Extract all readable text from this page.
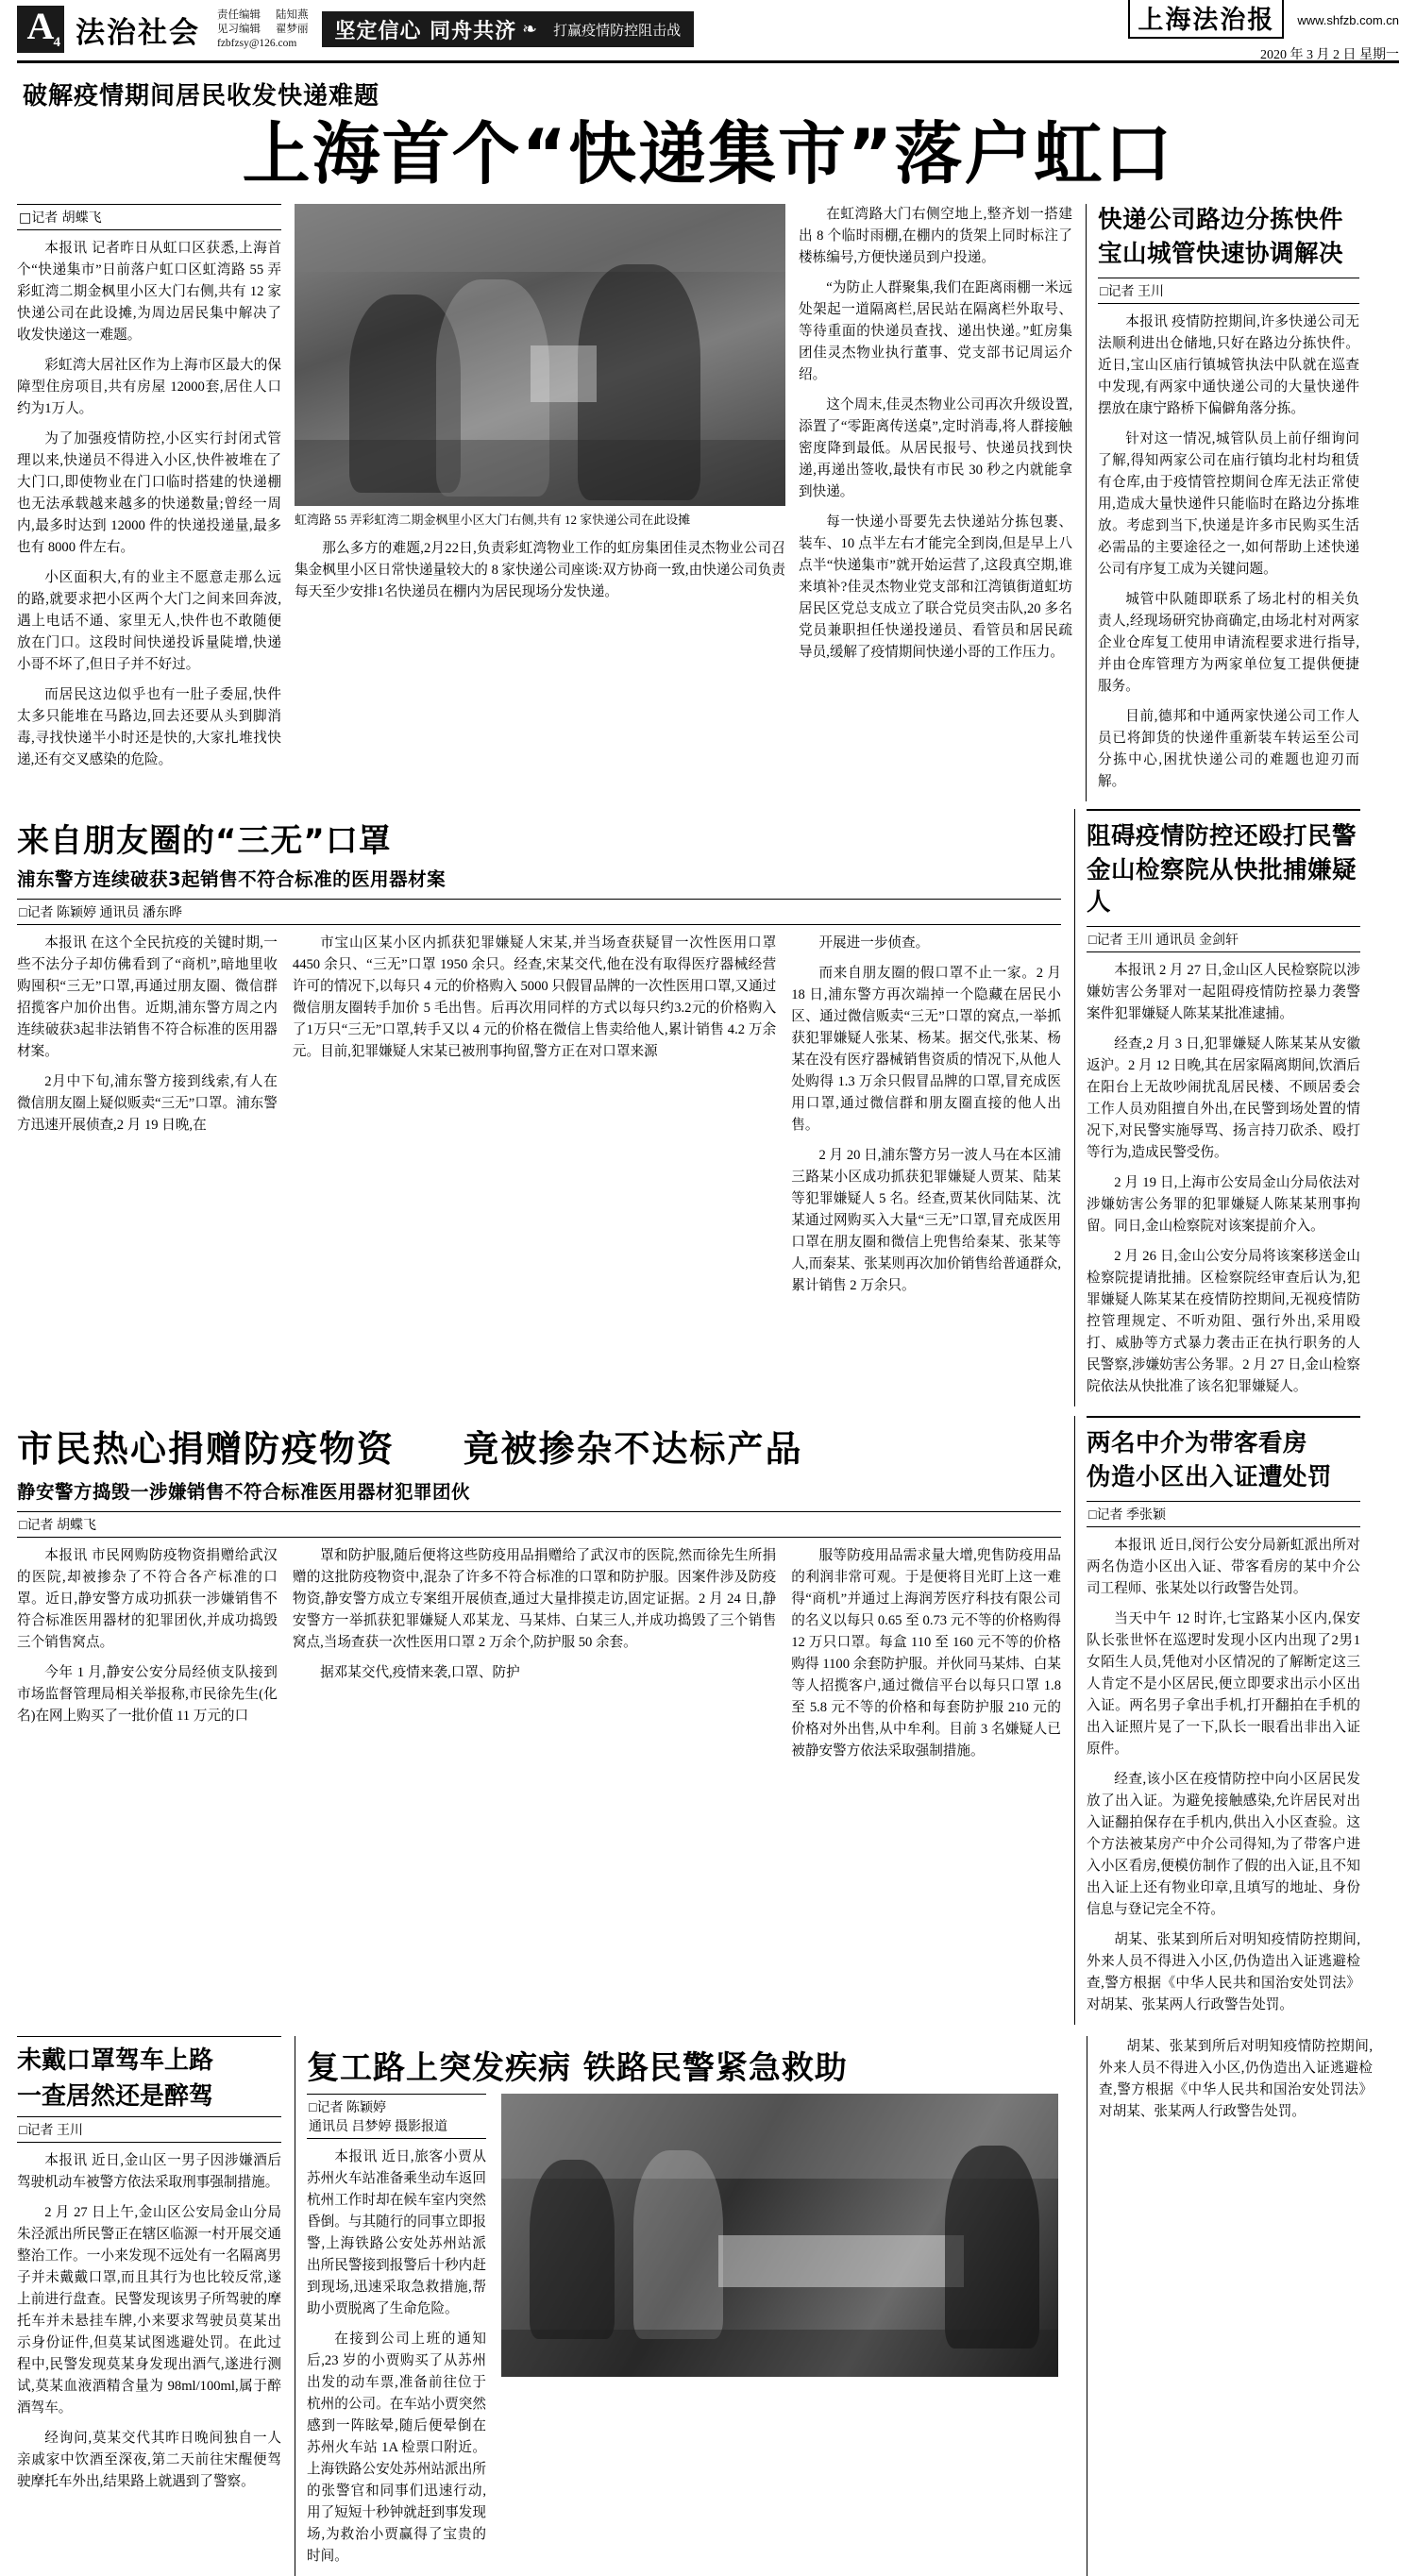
A 4 法治社会
责任编辑 陆知燕
见习编辑 翟梦丽
fzbfzsy@126.com	坚定信心 同舟共济 ❧ 打赢疫情防控阻击战	上海法治报 $^{www.shfzb.com.cn}$
2020 年 3 月 2 日 星期一
破解疫情期间居民收发快递难题
上海首个“快递集市”落户虹口
□记者 胡蝶飞

本报讯 记者昨日从虹口区获悉,上海首个“快递集市”日前落户虹口区虹湾路 55 弄彩虹湾二期金枫里小区大门右侧,共有 12 家快递公司在此设摊,为周边居民集中解决了收发快递这一难题。

彩虹湾大居社区作为上海市区最大的保障型住房项目,共有房屋 12000套,居住人口约为1万人。

为了加强疫情防控,小区实行封闭式管理以来,快递员不得进入小区,快件被堆在了大门口,即使物业在门口临时搭建的快递棚也无法承载越来越多的快递数量;曾经一周内,最多时达到 12000 件的快递投递量,最多也有 8000 件左右。

小区面积大,有的业主不愿意走那么远的路,就要求把小区两个大门之间来回奔波,遇上电话不通、家里无人,快件也不敢随便放在门口。这段时间快递投诉量陡增,快递小哥不坏了,但日子并不好过。

而居民这边似乎也有一肚子委屈,快件太多只能堆在马路边,回去还要从头到脚消毒,寻找快递半小时还是快的,大家扎堆找快递,还有交叉感染的危险。

虹湾路 55 弄彩虹湾二期金枫里小区大门右侧,共有 12 家快递公司在此设摊

那么多方的难题,2月22日,负责彩虹湾物业工作的虹房集团佳灵杰物业公司召集金枫里小区日常快递量较大的 8 家快递公司座谈:双方协商一致,由快递公司负责每天至少安排1名快递员在棚内为居民现场分发快递。

在虹湾路大门右侧空地上,整齐划一搭建出 8 个临时雨棚,在棚内的货架上同时标注了楼栋编号,方便快递员到户投递。

“为防止人群聚集,我们在距离雨棚一米远处架起一道隔离栏,居民站在隔离栏外取号、等待重面的快递员查找、递出快递。”虹房集团佳灵杰物业执行董事、党支部书记周运介绍。

这个周末,佳灵杰物业公司再次升级设置,添置了“零距离传送桌”,定时消毒,将人群接触密度降到最低。从居民报号、快递员找到快递,再递出签收,最快有市民 30 秒之内就能拿到快递。

每一快递小哥要先去快递站分拣包裹、装车、10 点半左右才能完全到岗,但是早上八点半“快递集市”就开始运营了,这段真空期,谁来填补?佳灵杰物业党支部和江湾镇街道虹坊居民区党总支成立了联合党员突击队,20 多名党员兼职担任快递投递员、看管员和居民疏导员,缓解了疫情期间快递小哥的工作压力。

快递公司路边分拣快件
宝山城管快速协调解决
□记者 王川

本报讯 疫情防控期间,许多快递公司无法顺利进出仓储地,只好在路边分拣快件。近日,宝山区庙行镇城管执法中队就在巡查中发现,有两家中通快递公司的大量快递件摆放在康宁路桥下偏僻角落分拣。

针对这一情况,城管队员上前仔细询问了解,得知两家公司在庙行镇均北村均租赁有仓库,由于疫情管控期间仓库无法正常使用,造成大量快递件只能临时在路边分拣堆放。考虑到当下,快递是许多市民购买生活必需品的主要途径之一,如何帮助上述快递公司有序复工成为关键问题。

城管中队随即联系了场北村的相关负责人,经现场研究协商确定,由场北村对两家企业仓库复工使用申请流程要求进行指导,并由仓库管理方为两家单位复工提供便捷服务。

目前,德邦和中通两家快递公司工作人员已将卸货的快递件重新装车转运至公司分拣中心,困扰快递公司的难题也迎刃而解。

来自朋友圈的“三无”口罩
浦东警方连续破获3起销售不符合标准的医用器材案
□记者 陈颖婷 通讯员 潘东晔

本报讯 在这个全民抗疫的关键时期,一些不法分子却仿佛看到了“商机”,暗地里收购囤积“三无”口罩,再通过朋友圈、微信群招揽客户加价出售。近期,浦东警方周之内连续破获3起非法销售不符合标准的医用器材案。

2月中下旬,浦东警方接到线索,有人在微信朋友圈上疑似贩卖“三无”口罩。浦东警方迅速开展侦查,2 月 19 日晚,在

市宝山区某小区内抓获犯罪嫌疑人宋某,并当场查获疑冒一次性医用口罩 4450 余只、“三无”口罩 1950 余只。经查,宋某交代,他在没有取得医疗器械经营许可的情况下,以每只 4 元的价格购入 5000 只假冒品牌的一次性医用口罩,又通过微信朋友圈转手加价 5 毛出售。后再次用同样的方式以每只约3.2元的价格购入了1万只“三无”口罩,转手又以 4 元的价格在微信上售卖给他人,累计销售 4.2 万余元。目前,犯罪嫌疑人宋某已被刑事拘留,警方正在对口罩来源

开展进一步侦查。

而来自朋友圈的假口罩不止一家。2 月 18 日,浦东警方再次端掉一个隐藏在居民小区、通过微信贩卖“三无”口罩的窝点,一举抓获犯罪嫌疑人张某、杨某。据交代,张某、杨某在没有医疗器械销售资质的情况下,从他人处购得 1.3 万余只假冒品牌的口罩,冒充成医用口罩,通过微信群和朋友圈直接的他人出售。

2 月 20 日,浦东警方另一波人马在本区浦三路某小区成功抓获犯罪嫌疑人贾某、陆某等犯罪嫌疑人 5 名。经查,贾某伙同陆某、沈某通过网购买入大量“三无”口罩,冒充成医用口罩在朋友圈和微信上兜售给秦某、张某等人,而秦某、张某则再次加价销售给普通群众,累计销售 2 万余只。

阻碍疫情防控还殴打民警
金山检察院从快批捕嫌疑人
□记者 王川 通讯员 金剑轩

本报讯 2 月 27 日,金山区人民检察院以涉嫌妨害公务罪对一起阻碍疫情防控暴力袭警案件犯罪嫌疑人陈某某批准逮捕。

经查,2 月 3 日,犯罪嫌疑人陈某某从安徽返沪。2 月 12 日晚,其在居家隔离期间,饮酒后在阳台上无故吵闹扰乱居民楼、不顾居委会工作人员劝阻擅自外出,在民警到场处置的情况下,对民警实施辱骂、扬言持刀砍杀、殴打等行为,造成民警受伤。

2 月 19 日,上海市公安局金山分局依法对涉嫌妨害公务罪的犯罪嫌疑人陈某某刑事拘留。同日,金山检察院对该案提前介入。

2 月 26 日,金山公安分局将该案移送金山检察院提请批捕。区检察院经审查后认为,犯罪嫌疑人陈某某在疫情防控期间,无视疫情防控管理规定、不听劝阻、强行外出,采用殴打、威胁等方式暴力袭击正在执行职务的人民警察,涉嫌妨害公务罪。2 月 27 日,金山检察院依法从快批准了该名犯罪嫌疑人。

市民热心捐赠防疫物资 竟被掺杂不达标产品
静安警方捣毁一涉嫌销售不符合标准医用器材犯罪团伙
□记者 胡蝶飞

本报讯 市民网购防疫物资捐赠给武汉的医院,却被掺杂了不符合各产标准的口罩。近日,静安警方成功抓获一涉嫌销售不符合标准医用器材的犯罪团伙,并成功捣毁三个销售窝点。

今年 1 月,静安公安分局经侦支队接到市场监督管理局相关举报称,市民徐先生(化名)在网上购买了一批价值 11 万元的口

罩和防护服,随后便将这些防疫用品捐赠给了武汉市的医院,然而徐先生所捐赠的这批防疫物资中,混杂了许多不符合标准的口罩和防护服。因案件涉及防疫物资,静安警方成立专案组开展侦查,通过大量排摸走访,固定证据。2 月 24 日,静安警方一举抓获犯罪嫌疑人邓某龙、马某炜、白某三人,并成功捣毁了三个销售窝点,当场查获一次性医用口罩 2 万余个,防护服 50 余套。

据邓某交代,疫情来袭,口罩、防护

服等防疫用品需求量大增,兜售防疫用品的利润非常可观。于是便将目光盯上这一难得“商机”并通过上海润芳医疗科技有限公司的名义以每只 0.65 至 0.73 元不等的价格购得 12 万只口罩。每盒 110 至 160 元不等的价格购得 1100 余套防护服。并伙同马某炜、白某等人招揽客户,通过微信平台以每只口罩 1.8 至 5.8 元不等的价格和每套防护服 210 元的价格对外出售,从中牟利。目前 3 名嫌疑人已被静安警方依法采取强制措施。

两名中介为带客看房
伪造小区出入证遭处罚
□记者 季张颖

本报讯 近日,闵行公安分局新虹派出所对两名伪造小区出入证、带客看房的某中介公司工程师、张某处以行政警告处罚。

当天中午 12 时许,七宝路某小区内,保安队长张世怀在巡逻时发现小区内出现了2男1女陌生人员,凭他对小区情况的了解断定这三人肯定不是小区居民,便立即要求出示小区出入证。两名男子拿出手机,打开翻拍在手机的出入证照片晃了一下,队长一眼看出非出入证原件。

经查,该小区在疫情防控中向小区居民发放了出入证。为避免接触感染,允许居民对出入证翻拍保存在手机内,供出入小区查验。这个方法被某房产中介公司得知,为了带客户进入小区看房,便模仿制作了假的出入证,且不知出入证上还有物业印章,且填写的地址、身份信息与登记完全不符。

胡某、张某到所后对明知疫情防控期间,外来人员不得进入小区,仍伪造出入证逃避检查,警方根据《中华人民共和国治安处罚法》对胡某、张某两人行政警告处罚。

未戴口罩驾车上路
一查居然还是醉驾
□记者 王川

本报讯 近日,金山区一男子因涉嫌酒后驾驶机动车被警方依法采取刑事强制措施。

2 月 27 日上午,金山区公安局金山分局朱泾派出所民警正在辖区临源一村开展交通整治工作。一小来发现不远处有一名隔离男子并未戴戴口罩,而且其行为也比较反常,遂上前进行盘查。民警发现该男子所驾驶的摩托车并未悬挂车牌,小来要求驾驶员莫某出示身份证件,但莫某试图逃避处罚。在此过程中,民警发现莫某身发现出酒气,遂进行测试,莫某血液酒精含量为 98ml/100ml,属于醉酒驾车。

经询问,莫某交代其昨日晚间独自一人亲戚家中饮酒至深夜,第二天前往宋醒便驾驶摩托车外出,结果路上就遇到了警察。

复工路上突发疾病 铁路民警紧急救助
□记者 陈颖婷
通讯员 吕梦婷 摄影报道

本报讯 近日,旅客小贾从苏州火车站准备乘坐动车返回杭州工作时却在候车室内突然昏倒。与其随行的同事立即报警,上海铁路公安处苏州站派出所民警接到报警后十秒内赶到现场,迅速采取急救措施,帮助小贾脱离了生命危险。

在接到公司上班的通知后,23 岁的小贾购买了从苏州出发的动车票,准备前往位于杭州的公司。在车站小贾突然感到一阵眩晕,随后便晕倒在苏州火车站 1A 检票口附近。上海铁路公安处苏州站派出所的张警官和同事们迅速行动,用了短短十秒钟就赶到事发现场,为救治小贾赢得了宝贵的时间。

胡某、张某到所后对明知疫情防控期间,外来人员不得进入小区,仍伪造出入证逃避检查,警方根据《中华人民共和国治安处罚法》对胡某、张某两人行政警告处罚。
